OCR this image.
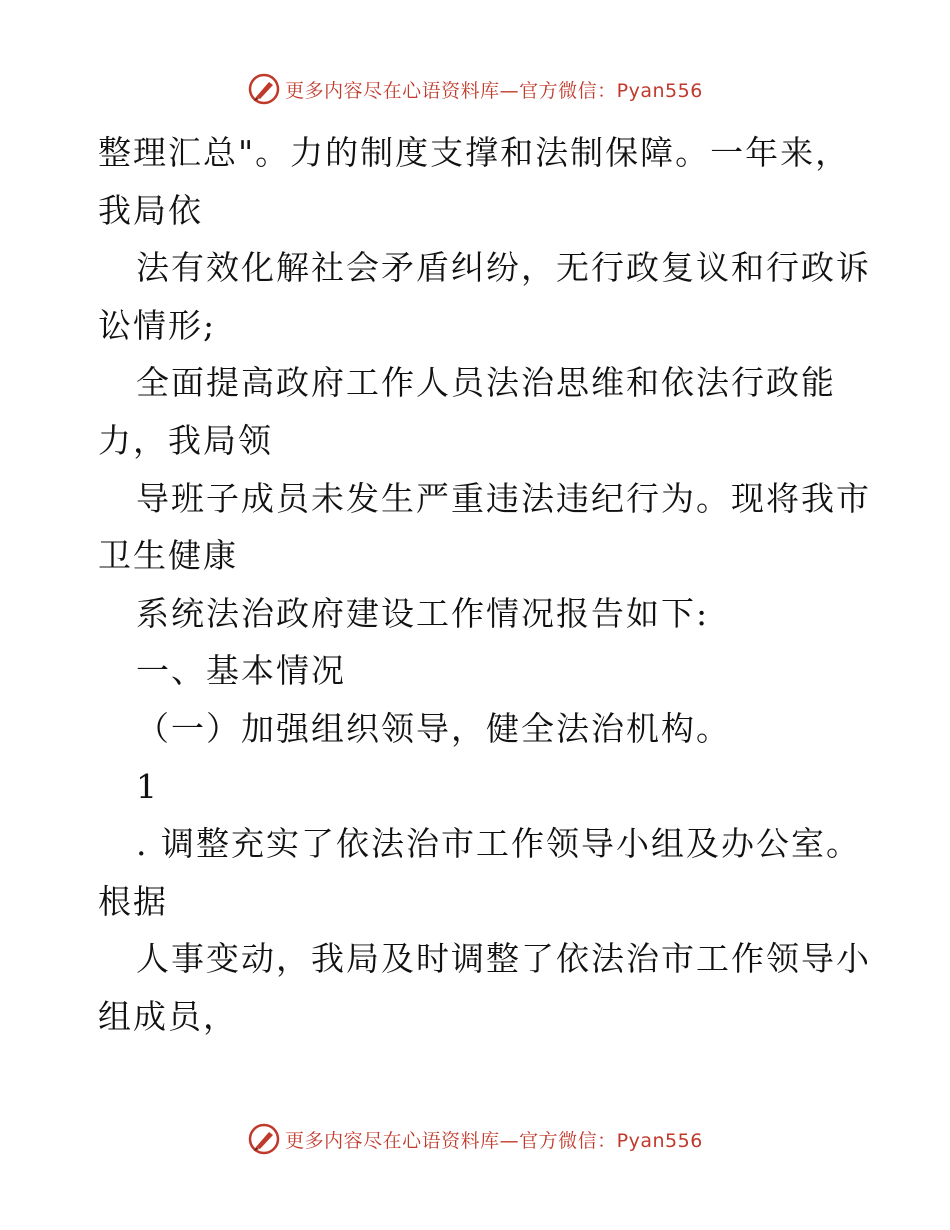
更多内容尽在心语资料库—官方微信：Pyan556
整理汇总"。力的制度支撑和法制保障。一年来，
我局依
法有效化解社会矛盾纠纷，无行政复议和行政诉
讼情形;
全面提高政府工作人员法治思维和依法行政能
力，我局领
导班子成员未发生严重违法违纪行为。现将我市
卫生健康
系统法治政府建设工作情况报告如下:
一、基本情况
（一）加强组织领导，健全法治机构。
1
. 调整充实了依法治市工作领导小组及办公室。
根据
人事变动，我局及时调整了依法治市工作领导小
组成员，
更多内容尽在心语资料库—官方微信：Pyan556
